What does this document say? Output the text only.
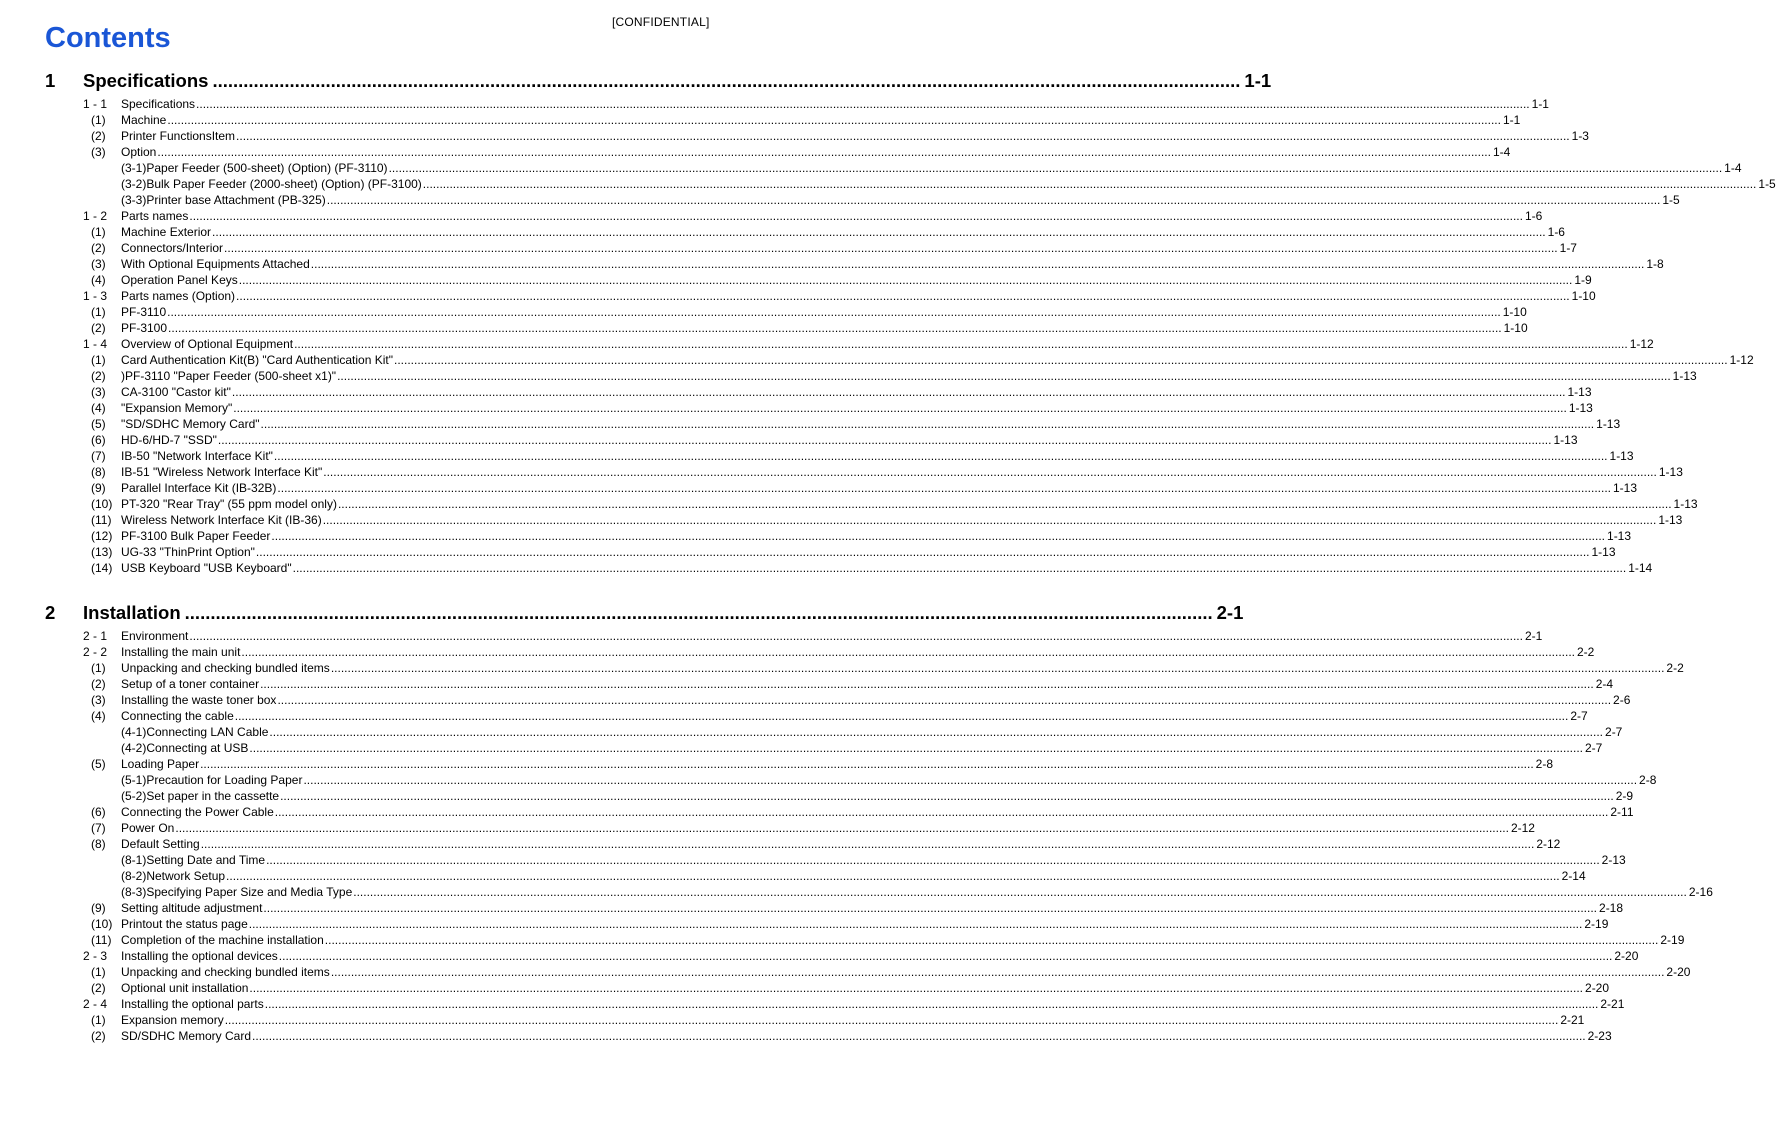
[CONFIDENTIAL]
Contents
1 Specifications ........................................................................................................................................................................................................ 1-1
1 - 1 Specifications ................................................................................................................................................................................................................................................................................................................................................................................................................ 1-1
(1) Machine ................................................................................................................................................................................................................................................................................................................................................................................................................ 1-1
(2) Printer FunctionsItem ................................................................................................................................................................................................................................................................................................................................................................................................................ 1-3
(3) Option ................................................................................................................................................................................................................................................................................................................................................................................................................ 1-4
(3-1)Paper Feeder (500-sheet) (Option) (PF-3110) ................................................................................................................................................................................................................................................................................................................................................................................................................ 1-4
(3-2)Bulk Paper Feeder (2000-sheet) (Option) (PF-3100) ................................................................................................................................................................................................................................................................................................................................................................................................................ 1-5
(3-3)Printer base Attachment (PB-325) ................................................................................................................................................................................................................................................................................................................................................................................................................ 1-5
1 - 2 Parts names ................................................................................................................................................................................................................................................................................................................................................................................................................ 1-6
(1) Machine Exterior ................................................................................................................................................................................................................................................................................................................................................................................................................ 1-6
(2) Connectors/Interior ................................................................................................................................................................................................................................................................................................................................................................................................................ 1-7
(3) With Optional Equipments Attached ................................................................................................................................................................................................................................................................................................................................................................................................................ 1-8
(4) Operation Panel Keys ................................................................................................................................................................................................................................................................................................................................................................................................................ 1-9
1 - 3 Parts names (Option) ................................................................................................................................................................................................................................................................................................................................................................................................................ 1-10
(1) PF-3110 ................................................................................................................................................................................................................................................................................................................................................................................................................ 1-10
(2) PF-3100 ................................................................................................................................................................................................................................................................................................................................................................................................................ 1-10
1 - 4 Overview of Optional Equipment ................................................................................................................................................................................................................................................................................................................................................................................................................ 1-12
(1) Card Authentication Kit(B) "Card Authentication Kit" ................................................................................................................................................................................................................................................................................................................................................................................................................ 1-12
(2) )PF-3110 "Paper Feeder (500-sheet x1)" ................................................................................................................................................................................................................................................................................................................................................................................................................ 1-13
(3) CA-3100 "Castor kit" ................................................................................................................................................................................................................................................................................................................................................................................................................ 1-13
(4) "Expansion Memory" ................................................................................................................................................................................................................................................................................................................................................................................................................ 1-13
(5) "SD/SDHC Memory Card" ................................................................................................................................................................................................................................................................................................................................................................................................................ 1-13
(6) HD-6/HD-7 "SSD" ................................................................................................................................................................................................................................................................................................................................................................................................................ 1-13
(7) IB-50 "Network Interface Kit" ................................................................................................................................................................................................................................................................................................................................................................................................................ 1-13
(8) IB-51 "Wireless Network Interface Kit" ................................................................................................................................................................................................................................................................................................................................................................................................................ 1-13
(9) Parallel Interface Kit (IB-32B) ................................................................................................................................................................................................................................................................................................................................................................................................................ 1-13
(10) PT-320 "Rear Tray" (55 ppm model only) ................................................................................................................................................................................................................................................................................................................................................................................................................ 1-13
(11) Wireless Network Interface Kit (IB-36) ................................................................................................................................................................................................................................................................................................................................................................................................................ 1-13
(12) PF-3100 Bulk Paper Feeder ................................................................................................................................................................................................................................................................................................................................................................................................................ 1-13
(13) UG-33 "ThinPrint Option" ................................................................................................................................................................................................................................................................................................................................................................................................................ 1-13
(14) USB Keyboard "USB Keyboard" ................................................................................................................................................................................................................................................................................................................................................................................................................ 1-14
2 Installation ........................................................................................................................................................................................................ 2-1
2 - 1 Environment ................................................................................................................................................................................................................................................................................................................................................................................................................ 2-1
2 - 2 Installing the main unit ................................................................................................................................................................................................................................................................................................................................................................................................................ 2-2
(1) Unpacking and checking bundled items ................................................................................................................................................................................................................................................................................................................................................................................................................ 2-2
(2) Setup of a toner container ................................................................................................................................................................................................................................................................................................................................................................................................................ 2-4
(3) Installing the waste toner box ................................................................................................................................................................................................................................................................................................................................................................................................................ 2-6
(4) Connecting the cable ................................................................................................................................................................................................................................................................................................................................................................................................................ 2-7
(4-1)Connecting LAN Cable ................................................................................................................................................................................................................................................................................................................................................................................................................ 2-7
(4-2)Connecting at USB ................................................................................................................................................................................................................................................................................................................................................................................................................ 2-7
(5) Loading Paper ................................................................................................................................................................................................................................................................................................................................................................................................................ 2-8
(5-1)Precaution for Loading Paper ................................................................................................................................................................................................................................................................................................................................................................................................................ 2-8
(5-2)Set paper in the cassette ................................................................................................................................................................................................................................................................................................................................................................................................................ 2-9
(6) Connecting the Power Cable ................................................................................................................................................................................................................................................................................................................................................................................................................ 2-11
(7) Power On ................................................................................................................................................................................................................................................................................................................................................................................................................ 2-12
(8) Default Setting ................................................................................................................................................................................................................................................................................................................................................................................................................ 2-12
(8-1)Setting Date and Time ................................................................................................................................................................................................................................................................................................................................................................................................................ 2-13
(8-2)Network Setup ................................................................................................................................................................................................................................................................................................................................................................................................................ 2-14
(8-3)Specifying Paper Size and Media Type ................................................................................................................................................................................................................................................................................................................................................................................................................ 2-16
(9) Setting altitude adjustment ................................................................................................................................................................................................................................................................................................................................................................................................................ 2-18
(10) Printout the status page ................................................................................................................................................................................................................................................................................................................................................................................................................ 2-19
(11) Completion of the machine installation ................................................................................................................................................................................................................................................................................................................................................................................................................ 2-19
2 - 3 Installing the optional devices ................................................................................................................................................................................................................................................................................................................................................................................................................ 2-20
(1) Unpacking and checking bundled items ................................................................................................................................................................................................................................................................................................................................................................................................................ 2-20
(2) Optional unit installation ................................................................................................................................................................................................................................................................................................................................................................................................................ 2-20
2 - 4 Installing the optional parts ................................................................................................................................................................................................................................................................................................................................................................................................................ 2-21
(1) Expansion memory ................................................................................................................................................................................................................................................................................................................................................................................................................ 2-21
(2) SD/SDHC Memory Card ................................................................................................................................................................................................................................................................................................................................................................................................................ 2-23
